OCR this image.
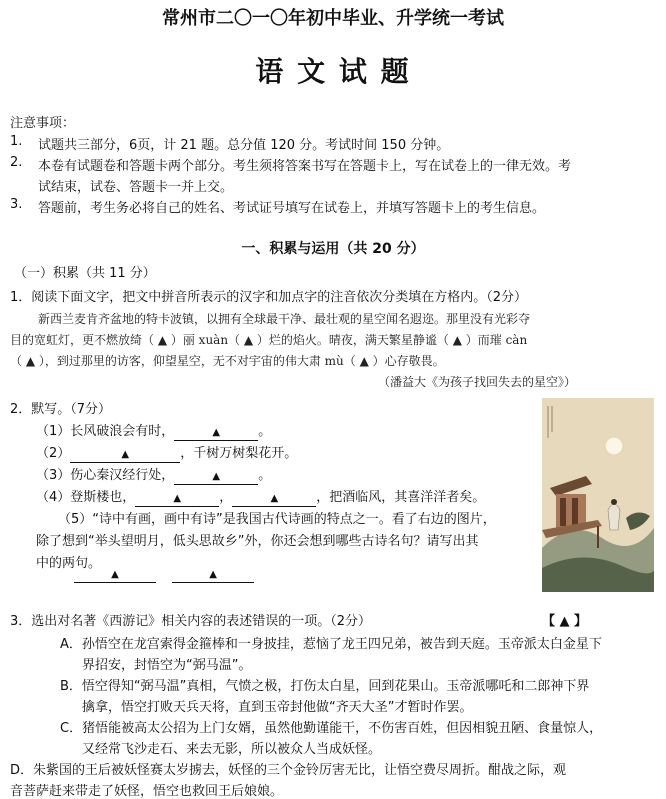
常州市二〇一〇年初中毕业、升学统一考试
语 文 试 题
注意事项：
1. 试题共三部分，6页，计 21 题。总分值 120 分。考试时间 150 分钟。
2. 本卷有试题卷和答题卡两个部分。考生须将答案书写在答题卡上，写在试卷上的一律无效。考
试结束，试卷、答题卡一并上交。
3. 答题前，考生务必将自己的姓名、考试证号填写在试卷上，并填写答题卡上的考生信息。
一、积累与运用（共 20 分）
（一）积累（共 11 分）
1．阅读下面文字，把文中拼音所表示的汉字和加点字的注音依次分类填在方格内。（2分）
新西兰麦肯齐盆地的特卡波镇，以拥有全球最干净、最壮观的星空闻名遐迩。那里没有光彩夺
目的宽虹灯，更不燃放绮（ ▲ ）丽 xuàn（ ▲ ）烂的焰火。晴夜，满天繁星静谧（ ▲ ）而璀 càn
（ ▲ ），到过那里的访客，仰望星空，无不对宇宙的伟大肃 mù（ ▲ ）心存敬畏。
（潘益大《为孩子找回失去的星空》）
2．默写。（7分）
（1）长风破浪会有时，	▲	。
（2）	▲	，千树万树梨花开。
（3）伤心秦汉经行处，	▲	。
（4）登斯楼也，	▲	，	▲	，把酒临风，其喜洋洋者矣。
（5）“诗中有画，画中有诗”是我国古代诗画的特点之一。看了右边的图片，
除了想到“举头望明月，低头思故乡”外，你还会想到哪些古诗名句？请写出其
中的两句。
▲	▲
3．选出对名著《西游记》相关内容的表述错误的一项。（2分）	【 ▲ 】
A．孙悟空在龙宫索得金箍棒和一身披挂，惹恼了龙王四兄弟，被告到天庭。玉帝派太白金星下
界招安，封悟空为“弼马温”。
B．悟空得知“弼马温”真相，气愤之极，打伤太白星，回到花果山。玉帝派哪吒和二郎神下界
擒拿，悟空打败天兵天将，直到玉帝封他做“齐天大圣”才暂时作罢。
C．猪悟能被高太公招为上门女婿，虽然他勤谨能干，不伤害百姓，但因相貌丑陋、食量惊人，
又经常飞沙走石、来去无影，所以被众人当成妖怪。
D．朱紫国的王后被妖怪赛太岁掳去，妖怪的三个金铃厉害无比，让悟空费尽周折。酣战之际，观
音菩萨赶来带走了妖怪，悟空也救回王后娘娘。
